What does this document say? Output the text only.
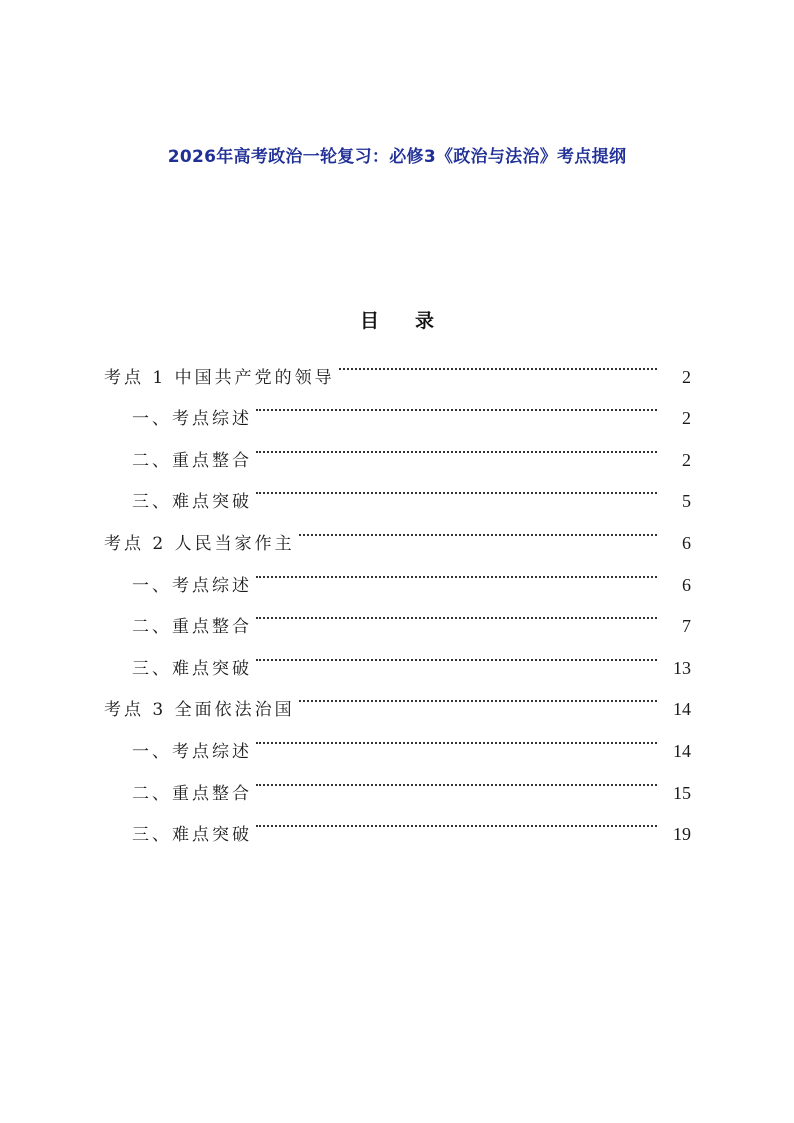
2026年高考政治一轮复习：必修3《政治与法治》考点提纲
目录
考点 1 中国共产党的领导	2
一、考点综述	2
二、重点整合	2
三、难点突破	5
考点 2 人民当家作主	6
一、考点综述	6
二、重点整合	7
三、难点突破	13
考点 3 全面依法治国	14
一、考点综述	14
二、重点整合	15
三、难点突破	19
